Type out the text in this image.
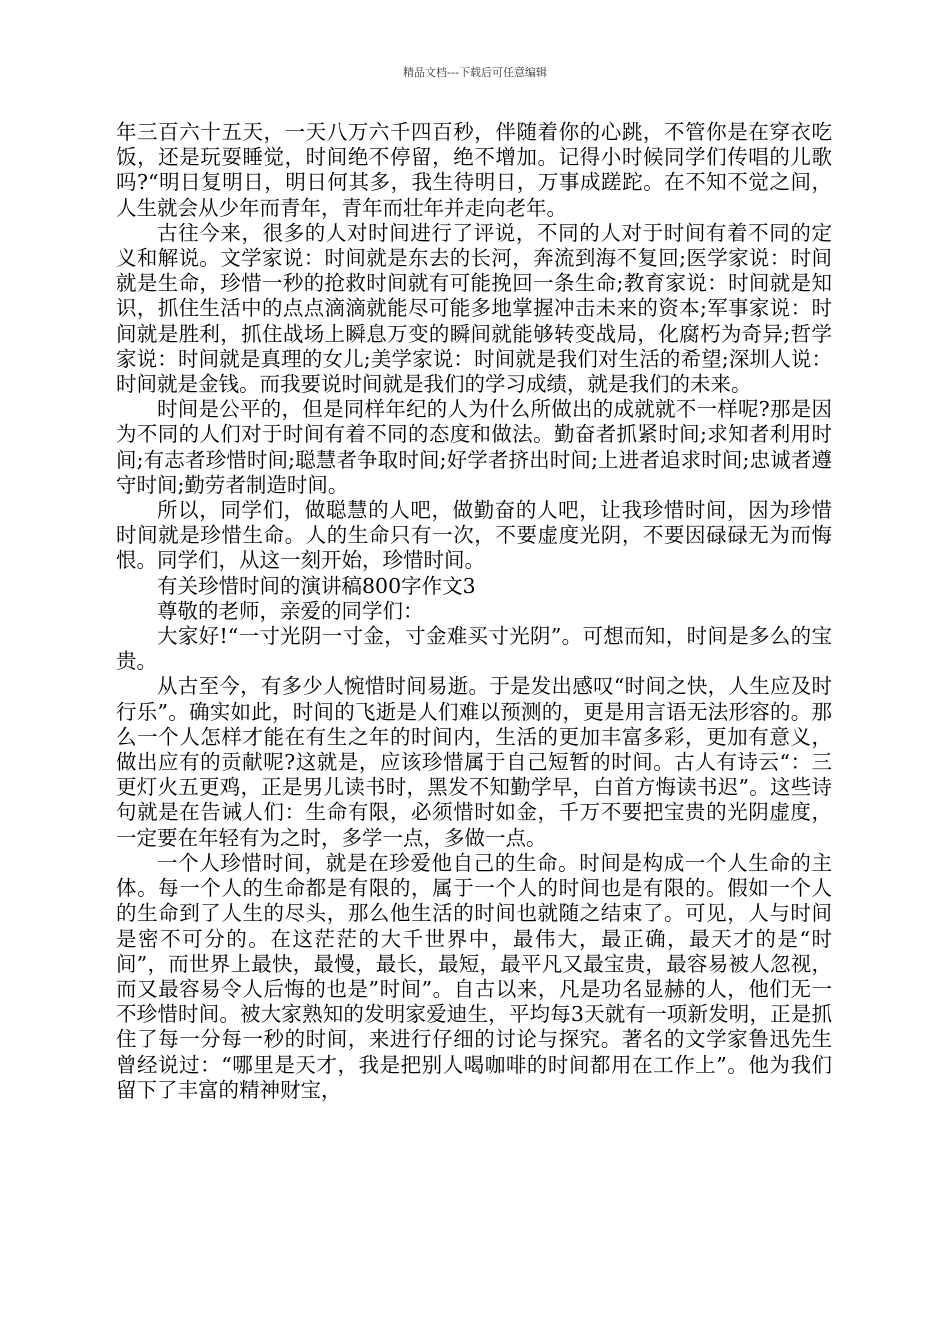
精品文档---下载后可任意编辑

年三百六十五天，一天八万六千四百秒，伴随着你的心跳，不管你是在穿衣吃饭，还是玩耍睡觉，时间绝不停留，绝不增加。记得小时候同学们传唱的儿歌吗?“明日复明日，明日何其多，我生待明日，万事成蹉跎。在不知不觉之间，人生就会从少年而青年，青年而壮年并走向老年。

古往今来，很多的人对时间进行了评说，不同的人对于时间有着不同的定义和解说。文学家说：时间就是东去的长河，奔流到海不复回;医学家说：时间就是生命，珍惜一秒的抢救时间就有可能挽回一条生命;教育家说：时间就是知识，抓住生活中的点点滴滴就能尽可能多地掌握冲击未来的资本;军事家说：时间就是胜利，抓住战场上瞬息万变的瞬间就能够转变战局，化腐朽为奇异;哲学家说：时间就是真理的女儿;美学家说：时间就是我们对生活的希望;深圳人说：时间就是金钱。而我要说时间就是我们的学习成绩，就是我们的未来。

时间是公平的，但是同样年纪的人为什么所做出的成就就不一样呢?那是因为不同的人们对于时间有着不同的态度和做法。勤奋者抓紧时间;求知者利用时间;有志者珍惜时间;聪慧者争取时间;好学者挤出时间;上进者追求时间;忠诚者遵守时间;勤劳者制造时间。

所以，同学们，做聪慧的人吧，做勤奋的人吧，让我珍惜时间，因为珍惜时间就是珍惜生命。人的生命只有一次，不要虚度光阴，不要因碌碌无为而悔恨。同学们，从这一刻开始，珍惜时间。

有关珍惜时间的演讲稿800字作文3

尊敬的老师，亲爱的同学们：

大家好!“一寸光阴一寸金，寸金难买寸光阴”。可想而知，时间是多么的宝贵。

从古至今，有多少人惋惜时间易逝。于是发出感叹“时间之快，人生应及时行乐”。确实如此，时间的飞逝是人们难以预测的，更是用言语无法形容的。那么一个人怎样才能在有生之年的时间内，生活的更加丰富多彩，更加有意义，做出应有的贡献呢?这就是，应该珍惜属于自己短暂的时间。古人有诗云“：三更灯火五更鸡，正是男儿读书时，黑发不知勤学早，白首方悔读书迟”。这些诗句就是在告诫人们：生命有限，必须惜时如金，千万不要把宝贵的光阴虚度，一定要在年轻有为之时，多学一点，多做一点。

一个人珍惜时间，就是在珍爱他自己的生命。时间是构成一个人生命的主体。每一个人的生命都是有限的，属于一个人的时间也是有限的。假如一个人的生命到了人生的尽头，那么他生活的时间也就随之结束了。可见，人与时间是密不可分的。在这茫茫的大千世界中，最伟大，最正确，最天才的是“时间”，而世界上最快，最慢，最长，最短，最平凡又最宝贵，最容易被人忽视，而又最容易令人后悔的也是”时间”。自古以来，凡是功名显赫的人，他们无一不珍惜时间。被大家熟知的发明家爱迪生，平均每3天就有一项新发明，正是抓住了每一分每一秒的时间，来进行仔细的讨论与探究。著名的文学家鲁迅先生曾经说过：“哪里是天才，我是把别人喝咖啡的时间都用在工作上”。他为我们留下了丰富的精神财宝，
